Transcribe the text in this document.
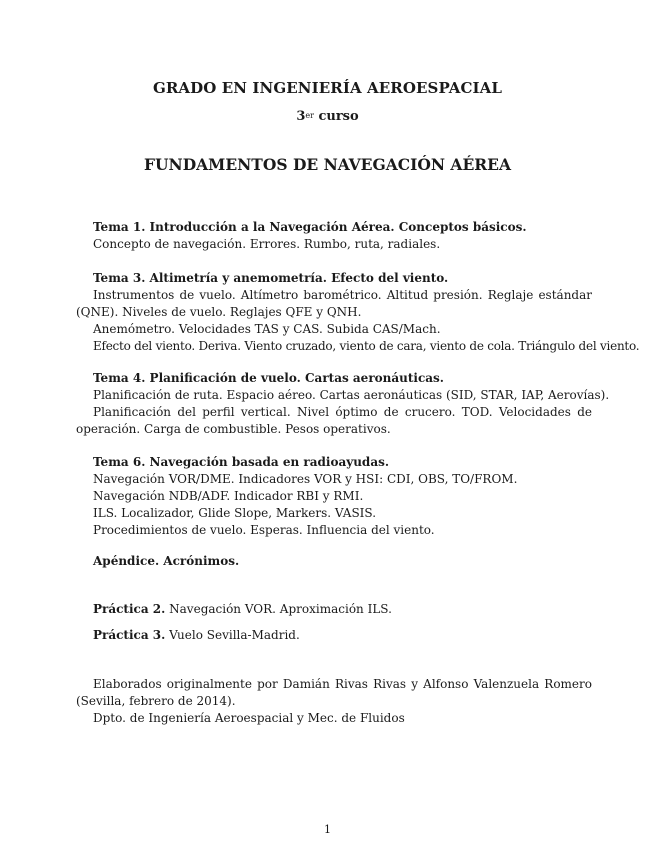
GRADO EN INGENIERÍA AEROESPACIAL
3er curso
FUNDAMENTOS DE NAVEGACIÓN AÉREA
Tema 1. Introducción a la Navegación Aérea. Conceptos básicos.
Concepto de navegación. Errores. Rumbo, ruta, radiales.
Tema 3. Altimetría y anemometría. Efecto del viento.
Instrumentos de vuelo. Altímetro barométrico. Altitud presión. Reglaje estándar (QNE). Niveles de vuelo. Reglajes QFE y QNH.
Anemómetro. Velocidades TAS y CAS. Subida CAS/Mach.
Efecto del viento. Deriva. Viento cruzado, viento de cara, viento de cola. Triángulo del viento.
Tema 4. Planificación de vuelo. Cartas aeronáuticas.
Planificación de ruta. Espacio aéreo. Cartas aeronáuticas (SID, STAR, IAP, Aerovías).
Planificación del perfil vertical. Nivel óptimo de crucero. TOD. Velocidades de operación. Carga de combustible. Pesos operativos.
Tema 6. Navegación basada en radioayudas.
Navegación VOR/DME. Indicadores VOR y HSI: CDI, OBS, TO/FROM.
Navegación NDB/ADF. Indicador RBI y RMI.
ILS. Localizador, Glide Slope, Markers. VASIS.
Procedimientos de vuelo. Esperas. Influencia del viento.
Apéndice. Acrónimos.
Práctica 2. Navegación VOR. Aproximación ILS.
Práctica 3. Vuelo Sevilla-Madrid.
Elaborados originalmente por Damián Rivas Rivas y Alfonso Valenzuela Romero (Sevilla, febrero de 2014).
Dpto. de Ingeniería Aeroespacial y Mec. de Fluidos
1
